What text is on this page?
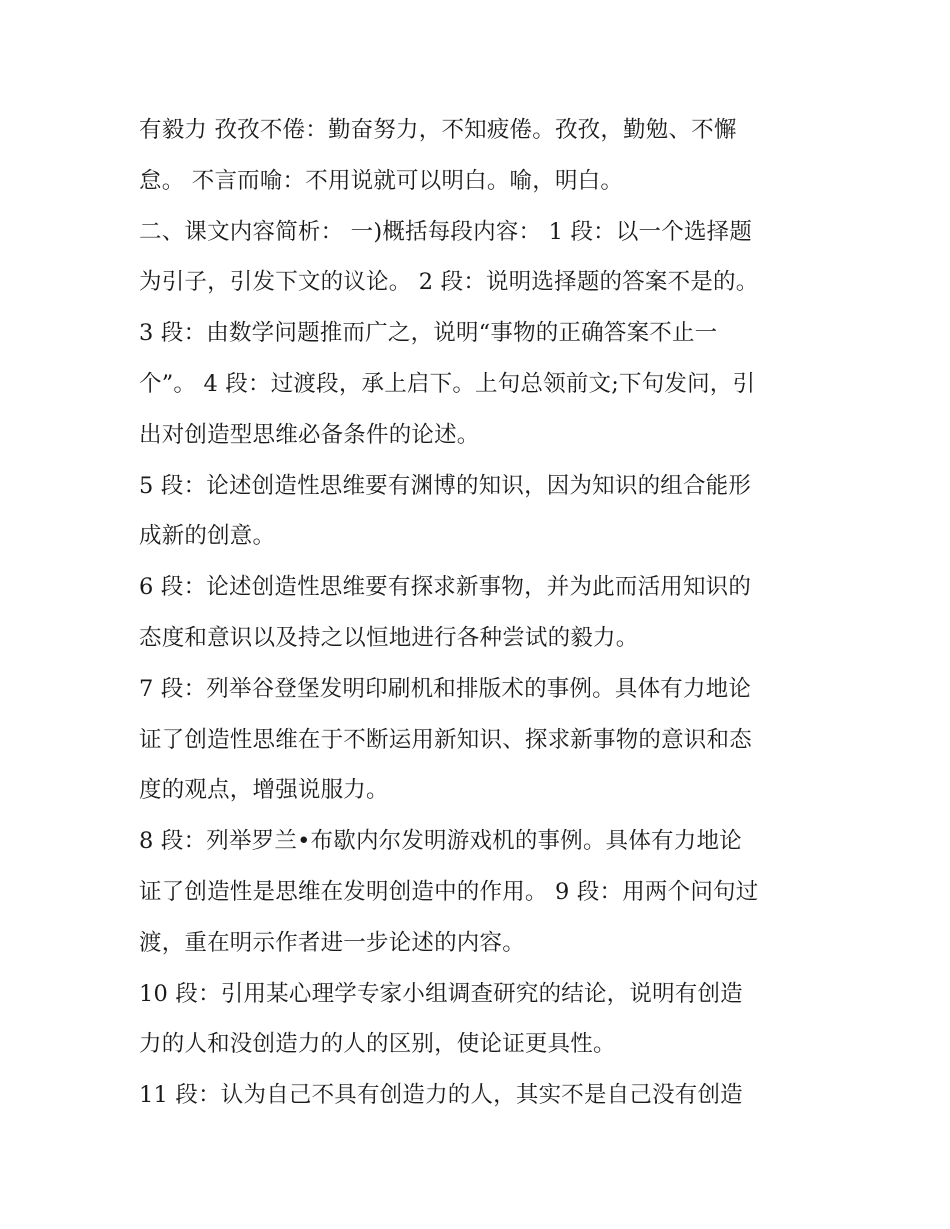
有毅力 孜孜不倦：勤奋努力，不知疲倦。孜孜，勤勉、不懈
怠。 不言而喻：不用说就可以明白。喻，明白。
二、课文内容简析： 一)概括每段内容： 1 段：以一个选择题
为引子，引发下文的议论。 2 段：说明选择题的答案不是的。
3 段：由数学问题推而广之，说明“事物的正确答案不止一
个”。 4 段：过渡段，承上启下。上句总领前文;下句发问，引
出对创造型思维必备条件的论述。
5 段：论述创造性思维要有渊博的知识，因为知识的组合能形
成新的创意。
6 段：论述创造性思维要有探求新事物，并为此而活用知识的
态度和意识以及持之以恒地进行各种尝试的毅力。
7 段：列举谷登堡发明印刷机和排版术的事例。具体有力地论
证了创造性思维在于不断运用新知识、探求新事物的意识和态
度的观点，增强说服力。
8 段：列举罗兰•布歇内尔发明游戏机的事例。具体有力地论
证了创造性是思维在发明创造中的作用。 9 段：用两个问句过
渡，重在明示作者进一步论述的内容。
10 段：引用某心理学专家小组调查研究的结论，说明有创造
力的人和没创造力的人的区别，使论证更具性。
11 段：认为自己不具有创造力的人，其实不是自己没有创造
